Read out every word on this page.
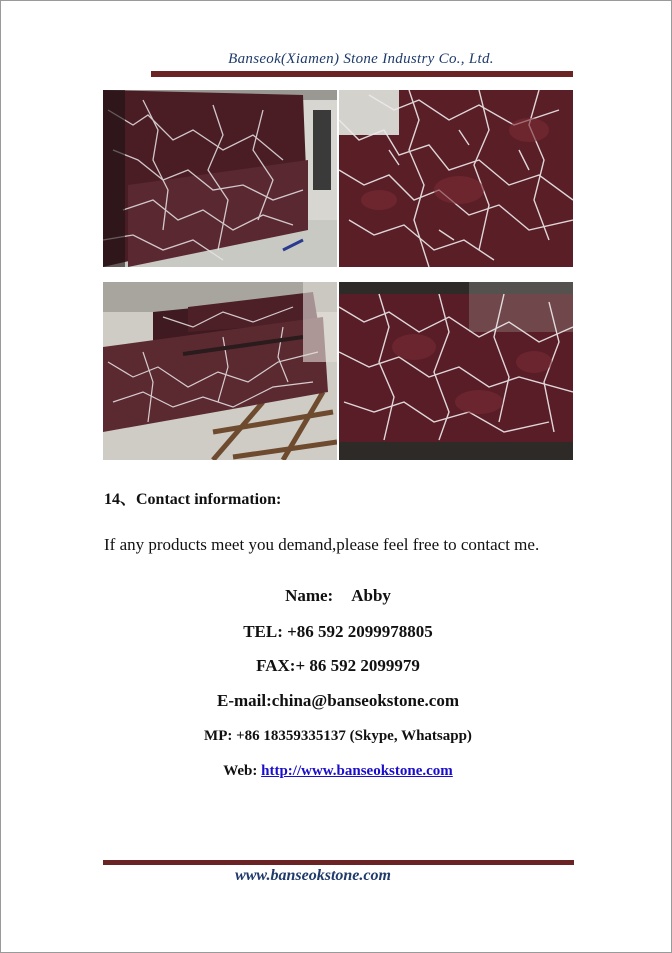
Banseok(Xiamen) Stone Industry Co., Ltd.
14、Contact information:
If any products meet you demand,please feel free to contact me.
Name: Abby
TEL: +86 592 2099978805
FAX:+ 86 592 2099979
E-mail:china@banseokstone.com
MP: +86 18359335137 (Skype, Whatsapp)
Web: http://www.banseokstone.com
www.banseokstone.com
